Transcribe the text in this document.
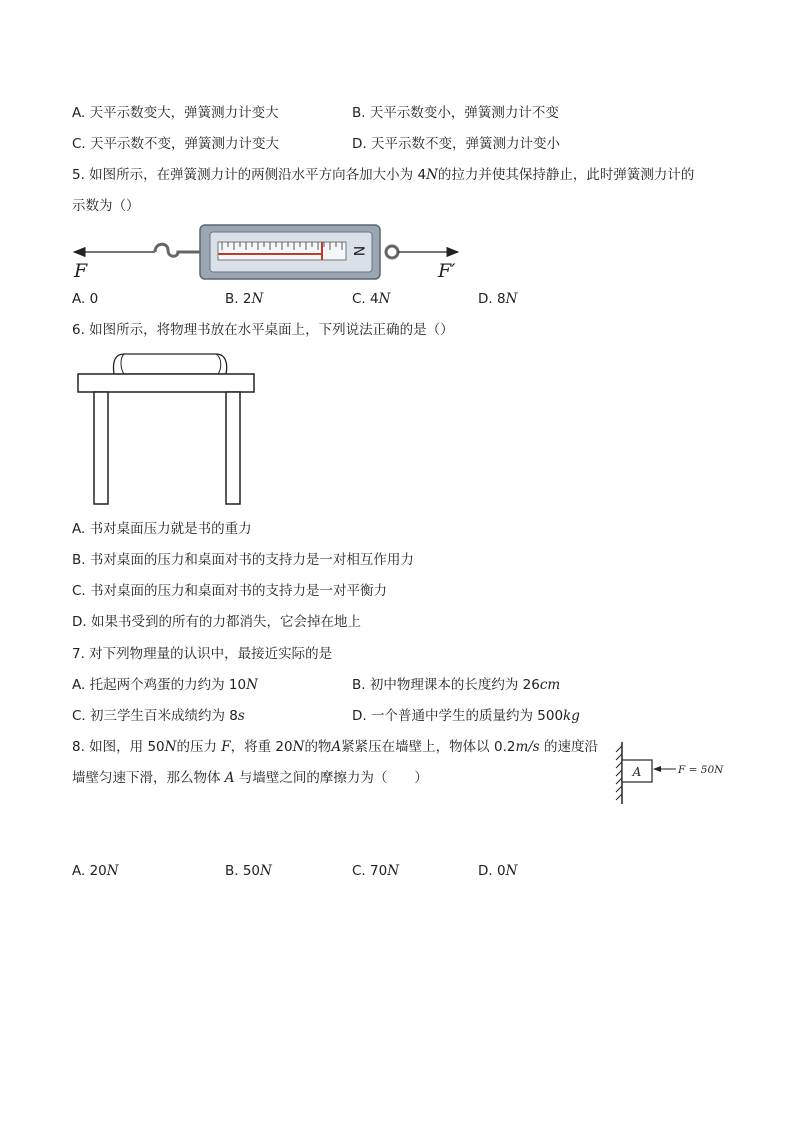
A. 天平示数变大，弹簧测力计变大	B. 天平示数变小，弹簧测力计不变
C. 天平示数不变，弹簧测力计变大	D. 天平示数不变，弹簧测力计变小
5. 如图所示，在弹簧测力计的两侧沿水平方向各加大小为 4N的拉力并使其保持静止，此时弹簧测力计的
示数为（）
N
F	F′
A. 0	B. 2N	C. 4N	D. 8N
6. 如图所示，将物理书放在水平桌面上，下列说法正确的是（）
A. 书对桌面压力就是书的重力
B. 书对桌面的压力和桌面对书的支持力是一对相互作用力
C. 书对桌面的压力和桌面对书的支持力是一对平衡力
D. 如果书受到的所有的力都消失，它会掉在地上
7. 对下列物理量的认识中，最接近实际的是
A. 托起两个鸡蛋的力约为 10N	B. 初中物理课本的长度约为 26cm
C. 初三学生百米成绩约为 8s	D. 一个普通中学生的质量约为 500kg
8. 如图，用 50N的压力 F，将重 20N的物A紧紧压在墙壁上，物体以 0.2m/s 的速度沿
墙壁匀速下滑，那么物体 A 与墙壁之间的摩擦力为（　　）	A	F = 50N
A. 20N	B. 50N	C. 70N	D. 0N
